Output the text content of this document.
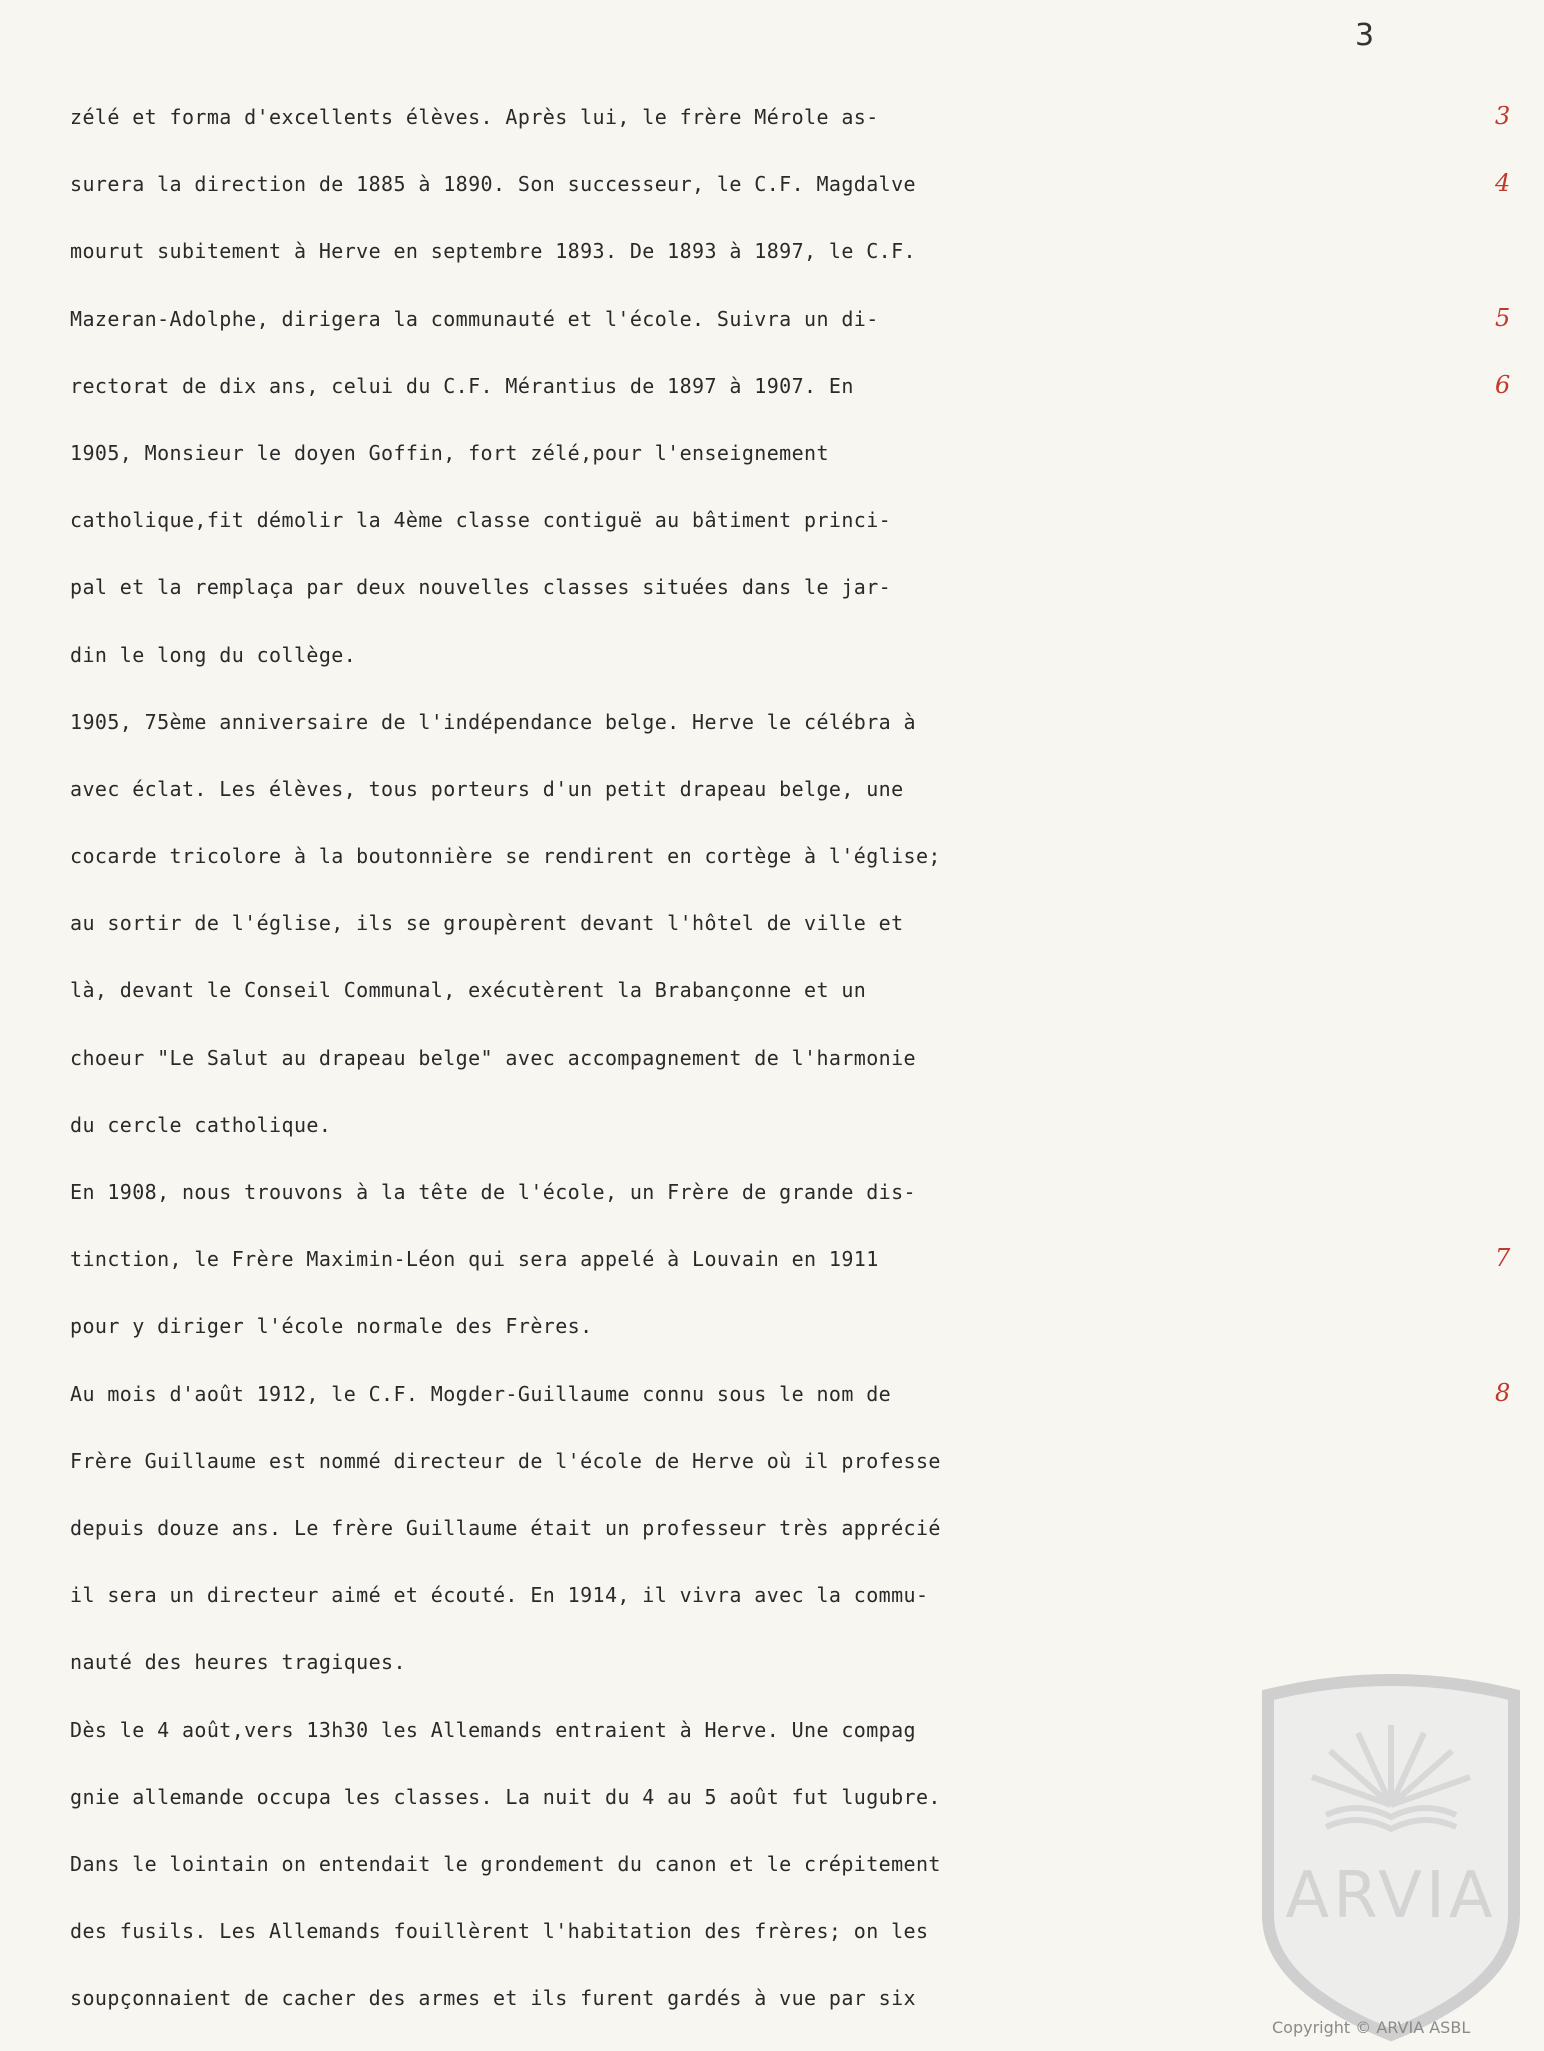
3
zélé et forma d'excellents élèves. Après lui, le frère Mérole as-
surera la direction de 1885 à 1890. Son successeur, le C.F. Magdalve
mourut subitement à Herve en septembre 1893. De 1893 à 1897, le C.F.
Mazeran-Adolphe, dirigera la communauté et l'école. Suivra un di-
rectorat de dix ans, celui du C.F. Mérantius de 1897 à 1907. En
1905, Monsieur le doyen Goffin, fort zélé,pour l'enseignement
catholique,fit démolir la 4ème classe contiguë au bâtiment princi-
pal et la remplaça par deux nouvelles classes situées dans le jar-
din le long du collège.
1905, 75ème anniversaire de l'indépendance belge. Herve le célébra à
avec éclat. Les élèves, tous porteurs d'un petit drapeau belge, une
cocarde tricolore à la boutonnière se rendirent en cortège à l'église;
au sortir de l'église, ils se groupèrent devant l'hôtel de ville et
là, devant le Conseil Communal, exécutèrent la Brabançonne et un
choeur "Le Salut au drapeau belge" avec accompagnement de l'harmonie
du cercle catholique.
En 1908, nous trouvons à la tête de l'école, un Frère de grande dis-
tinction, le Frère Maximin-Léon qui sera appelé à Louvain en 1911
pour y diriger l'école normale des Frères.
Au mois d'août 1912, le C.F. Mogder-Guillaume connu sous le nom de
Frère Guillaume est nommé directeur de l'école de Herve où il professe
depuis douze ans. Le frère Guillaume était un professeur très apprécié
il sera un directeur aimé et écouté. En 1914, il vivra avec la commu-
nauté des heures tragiques.
Dès le 4 août,vers 13h30 les Allemands entraient à Herve. Une compag
gnie allemande occupa les classes. La nuit du 4 au 5 août fut lugubre.
Dans le lointain on entendait le grondement du canon et le crépitement
des fusils. Les Allemands fouillèrent l'habitation des frères; on les
soupçonnaient de cacher des armes et ils furent gardés à vue par six
3
4
5
6
7
8
ARVIA
Copyright © ARVIA ASBL
